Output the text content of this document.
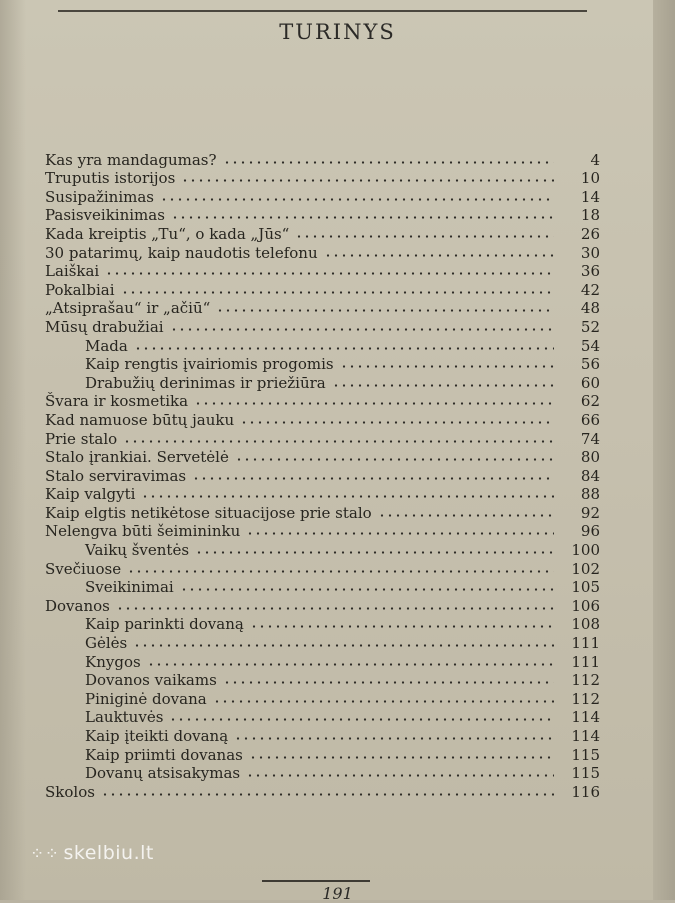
TURINYS
Kas yra mandagumas?	4
Truputis istorijos	10
Susipažinimas	14
Pasisveikinimas	18
Kada kreiptis „Tu“, o kada „Jūs“	26
30 patarimų, kaip naudotis telefonu	30
Laiškai	36
Pokalbiai	42
„Atsiprašau“ ir „ačiū“	48
Mūsų drabužiai	52
Mada	54
Kaip rengtis įvairiomis progomis	56
Drabužių derinimas ir priežiūra	60
Švara ir kosmetika	62
Kad namuose būtų jauku	66
Prie stalo	74
Stalo įrankiai. Servetėlė	80
Stalo serviravimas	84
Kaip valgyti	88
Kaip elgtis netikėtose situacijose prie stalo	92
Nelengva būti šeimininku	96
Vaikų šventės	100
Svečiuose	102
Sveikinimai	105
Dovanos	106
Kaip parinkti dovaną	108
Gėlės	111
Knygos	111
Dovanos vaikams	112
Piniginė dovana	112
Lauktuvės	114
Kaip įteikti dovaną	114
Kaip priimti dovanas	115
Dovanų atsisakymas	115
Skolos	116
⁘⁘ skelbiu.lt
191
